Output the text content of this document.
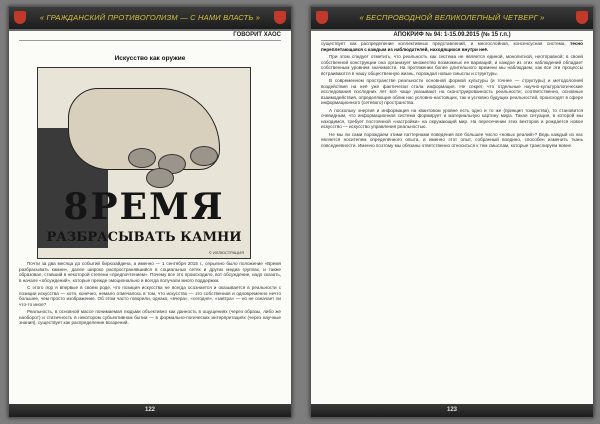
« ГРАЖДАНСКИЙ ПРОТИВОГОЛИЗМ — С НАМИ ВЛАСТЬ »
ГОВОРИТ ХАОС
Искусство как оружие
8РЕМЯ
РАЗБРАСЫВАТЬ КАМНИ
© ИЛЛЮСТРАЦИЯ

Почти за два месяца до событий бирюзайдена, а именно — 1 сентября 2015 г., серьезно было положение «Время разбрасывать камни», далее широко распространявшийся в социальных сетях и других медиа группах, и также образовал, ставший в некоторой степени «предпочтением». Почему все это происходило, вот обсуждение, надо сказать, в начале «обсуждений», которые прежде эмоционально и всегда получали много поддержки.

С этого пор я впервые в своем роде, что позиция искусства не всегда осознается и оказывается в реальности с позиции искусства — хотя, конечно, немало отмечалось в том, что искусство — это собственная и одновременно нечто большее, чем просто изображение. Об этом часто говорили, однако, «вчера», «сегодня», «завтра» — но не означает ли что-то иное?

Реальность, в основной массе понимаемая людьми объективно как данность в ощущениях (через образы, либо же наоборот) и статичность в некотором субъективном бытии — в формально-логических интерпретациях (через научные знания), существует как распределение воззрений.

122
« БЕСПРОВОДНОЙ ВЕЛИКОЛЕПНЫЙ ЧЕТВЕРГ »
АПОКРИФ № 94: 1-15.09.2015 (№ 15 г.п.)

существует как распределение коллективных представлений, и многослойная, консенсусная система, тесно переплетающаяся с каждым из наблюдателей, находящихся внутри неё.

При этом следует отметить, что реальность как система не является единой, монолитной, неотправной; в своей собственной конструкции она организует множество возможных ее вариаций, и каждое из этих наблюдений обладает собственным уровнем значимости. На протяжении более длительного времени мы наблюдаем, как все эти процессы встраиваются в нашу общественную жизнь, порождая новые смыслы и структуры.

В современном пространстве реальности основной формой культуры (и точнее — структуры) и методологией воздействия на неё уже фактически стала информация. Не секрет, что отдельные научно-культурологические исследования последних лет всё чаще указывают на сконструированность реальности; соответственно, основные взаимодействия, определяющие облик нас условно-настоящих, так и условно будущих реальностей, происходят в сфере информационного (сетевого) пространства.

А поскольку энергия и информация на квантовом уровне есть одно и то же (принцип тождества), то становится очевидным, что информационная система формирует и материальную картину мира. Такая ситуация, в которой мы находимся, требует постоянной «настройки» на окружающий мир. На пересечении этих векторов и рождается новое искусство — искусство управления реальностью.

Не мы ли сами порождаем этими паттернами поведения всё большее число «новых реалий»? Ведь каждый из нас является носителем определённого опыта, и именно этот опыт, собранный воедино, способен изменить ткань повседневности. Именно поэтому мы обязаны ответственно относиться к тем смыслам, которые транслируем вовне.

123
